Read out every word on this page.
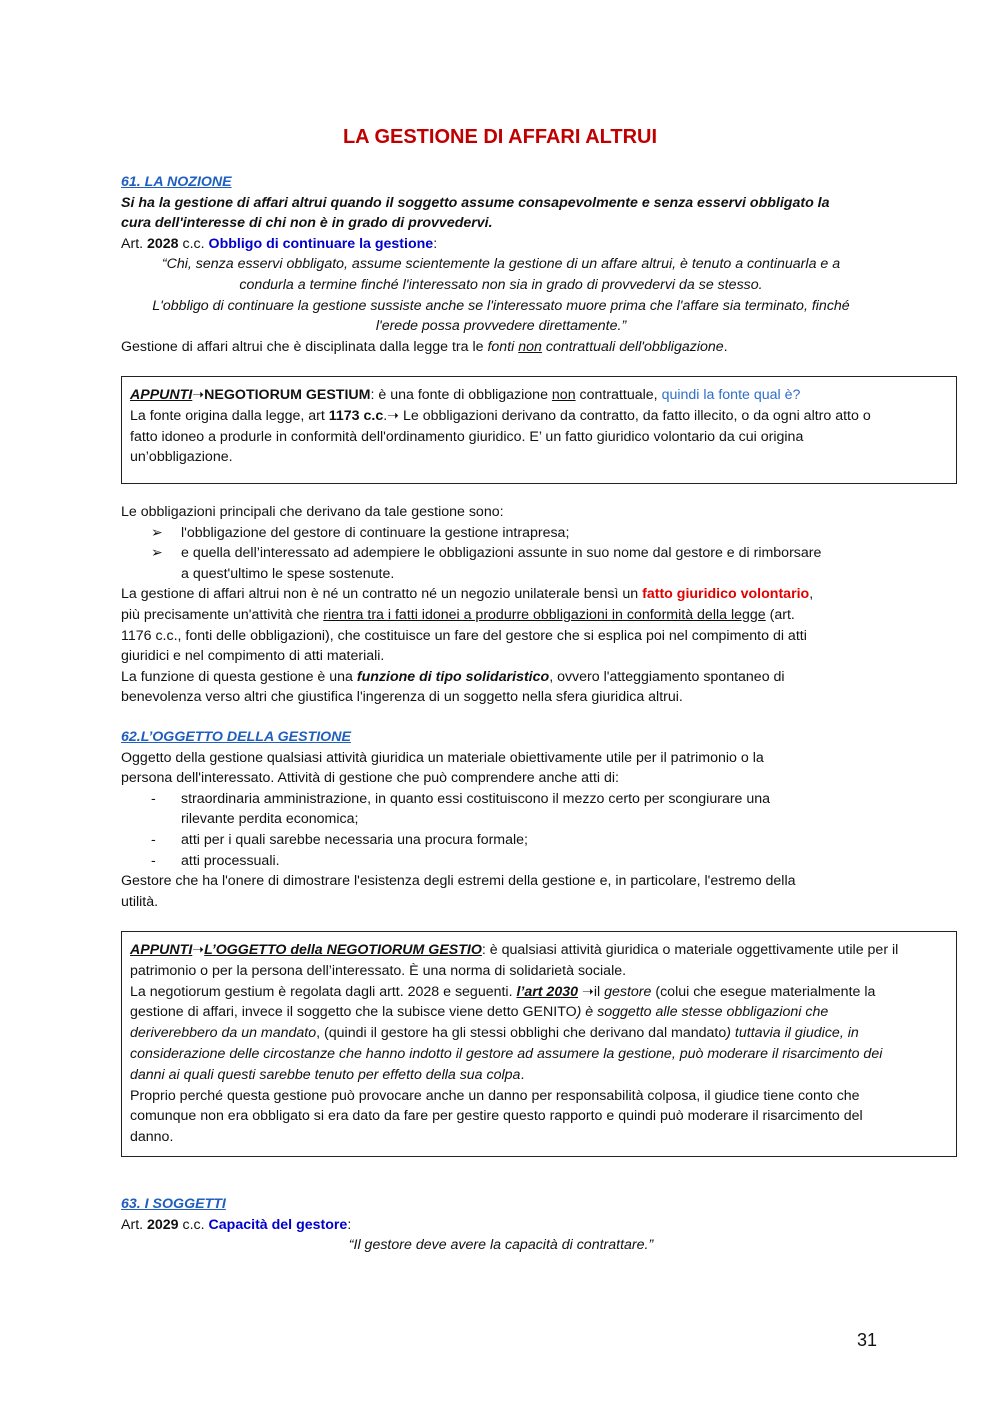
LA GESTIONE DI AFFARI ALTRUI

61. LA NOZIONE

Si ha la gestione di affari altrui quando il soggetto assume consapevolmente e senza esservi obbligato la

cura dell'interesse di chi non è in grado di provvedervi.

Art. 2028 c.c. Obbligo di continuare la gestione:

“Chi, senza esservi obbligato, assume scientemente la gestione di un affare altrui, è tenuto a continuarla e a

condurla a termine finché l'interessato non sia in grado di provvedervi da se stesso.

L'obbligo di continuare la gestione sussiste anche se l'interessato muore prima che l'affare sia terminato, finché

l'erede possa provvedere direttamente.”

Gestione di affari altrui che è disciplinata dalla legge tra le fonti non contrattuali dell'obbligazione.

APPUNTI➝NEGOTIORUM GESTIUM: è una fonte di obbligazione non contrattuale, quindi la fonte qual è?

La fonte origina dalla legge, art 1173 c.c.➝ Le obbligazioni derivano da contratto, da fatto illecito, o da ogni altro atto o

fatto idoneo a produrle in conformità dell'ordinamento giuridico. E’ un fatto giuridico volontario da cui origina

un’obbligazione.

Le obbligazioni principali che derivano da tale gestione sono:

➢ l'obbligazione del gestore di continuare la gestione intrapresa;
➢ e quella dell’interessato ad adempiere le obbligazioni assunte in suo nome dal gestore e di rimborsare
a quest'ultimo le spese sostenute.

La gestione di affari altrui non è né un contratto né un negozio unilaterale bensì un fatto giuridico volontario,

più precisamente un'attività che rientra tra i fatti idonei a produrre obbligazioni in conformità della legge (art.

1176 c.c., fonti delle obbligazioni), che costituisce un fare del gestore che si esplica poi nel compimento di atti

giuridici e nel compimento di atti materiali.

La funzione di questa gestione è una funzione di tipo solidaristico, ovvero l'atteggiamento spontaneo di

benevolenza verso altri che giustifica l'ingerenza di un soggetto nella sfera giuridica altrui.

62.L’OGGETTO DELLA GESTIONE

Oggetto della gestione qualsiasi attività giuridica un materiale obiettivamente utile per il patrimonio o la

persona dell'interessato. Attività di gestione che può comprendere anche atti di:

- straordinaria amministrazione, in quanto essi costituiscono il mezzo certo per scongiurare una
rilevante perdita economica;
- atti per i quali sarebbe necessaria una procura formale;
- atti processuali.

Gestore che ha l'onere di dimostrare l'esistenza degli estremi della gestione e, in particolare, l'estremo della

utilità.

APPUNTI➝L’OGGETTO della NEGOTIORUM GESTIO: è qualsiasi attività giuridica o materiale oggettivamente utile per il

patrimonio o per la persona dell’interessato. È una norma di solidarietà sociale.

La negotiorum gestium è regolata dagli artt. 2028 e seguenti. l’art 2030 ➝il gestore (colui che esegue materialmente la

gestione di affari, invece il soggetto che la subisce viene detto GENITO) è soggetto alle stesse obbligazioni che

deriverebbero da un mandato, (quindi il gestore ha gli stessi obblighi che derivano dal mandato) tuttavia il giudice, in

considerazione delle circostanze che hanno indotto il gestore ad assumere la gestione, può moderare il risarcimento dei

danni ai quali questi sarebbe tenuto per effetto della sua colpa.

Proprio perché questa gestione può provocare anche un danno per responsabilità colposa, il giudice tiene conto che

comunque non era obbligato si era dato da fare per gestire questo rapporto e quindi può moderare il risarcimento del

danno.

63. I SOGGETTI

Art. 2029 c.c. Capacità del gestore:

“Il gestore deve avere la capacità di contrattare.”

31
